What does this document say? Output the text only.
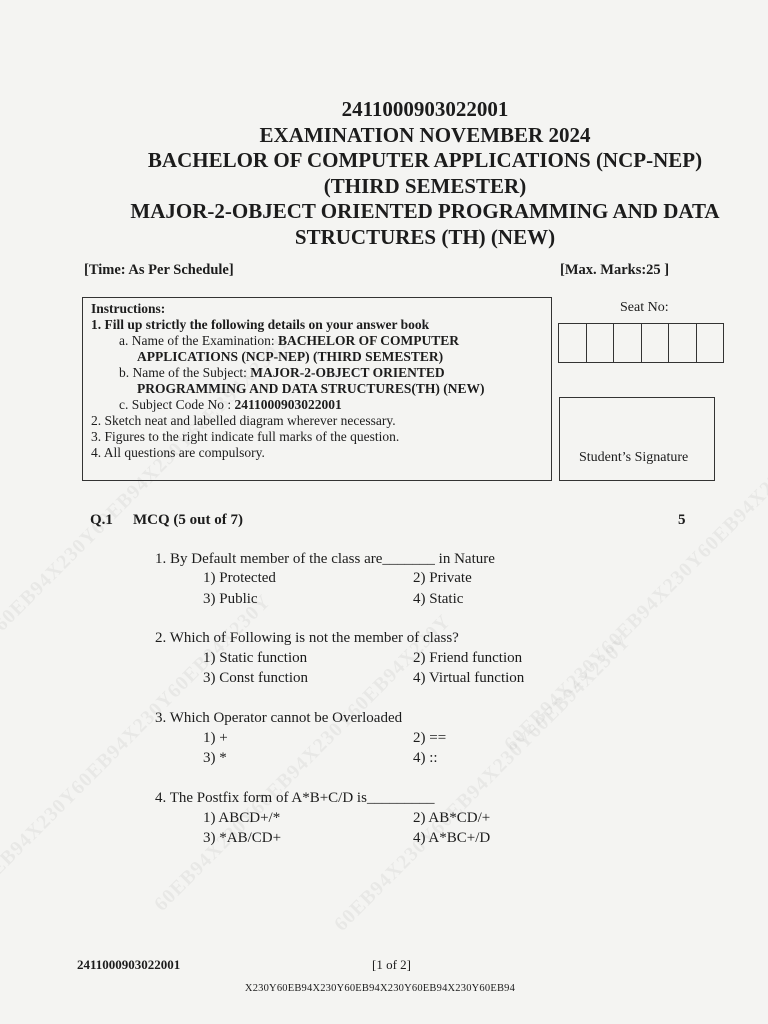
2411000903022001
EXAMINATION NOVEMBER 2024
BACHELOR OF COMPUTER APPLICATIONS (NCP-NEP)
(THIRD SEMESTER)
MAJOR-2-OBJECT ORIENTED PROGRAMMING AND DATA
STRUCTURES (TH) (NEW)
[Time: As Per Schedule]	[Max. Marks:25 ]
Instructions:
1. Fill up strictly the following details on your answer book
a. Name of the Examination: BACHELOR OF COMPUTER
APPLICATIONS (NCP-NEP) (THIRD SEMESTER)
b. Name of the Subject: MAJOR-2-OBJECT ORIENTED
PROGRAMMING AND DATA STRUCTURES(TH) (NEW)
c. Subject Code No : 2411000903022001
2. Sketch neat and labelled diagram wherever necessary.
3. Figures to the right indicate full marks of the question.
4. All questions are compulsory.
Seat No:
Student’s Signature
Q.1 MCQ (5 out of 7)	5
1. By Default member of the class are_______ in Nature
1) Protected	2) Private
3) Public	4) Static
2. Which of Following is not the member of class?
1) Static function	2) Friend function
3) Const function	4) Virtual function
3. Which Operator cannot be Overloaded
1) +	2) ==
3) *	4) ::
4. The Postfix form of A*B+C/D is_________
1) ABCD+/*	2) AB*CD/+
3) *AB/CD+	4) A*BC+/D
2411000903022001	[1 of 2]
X230Y60EB94X230Y60EB94X230Y60EB94X230Y60EB94
